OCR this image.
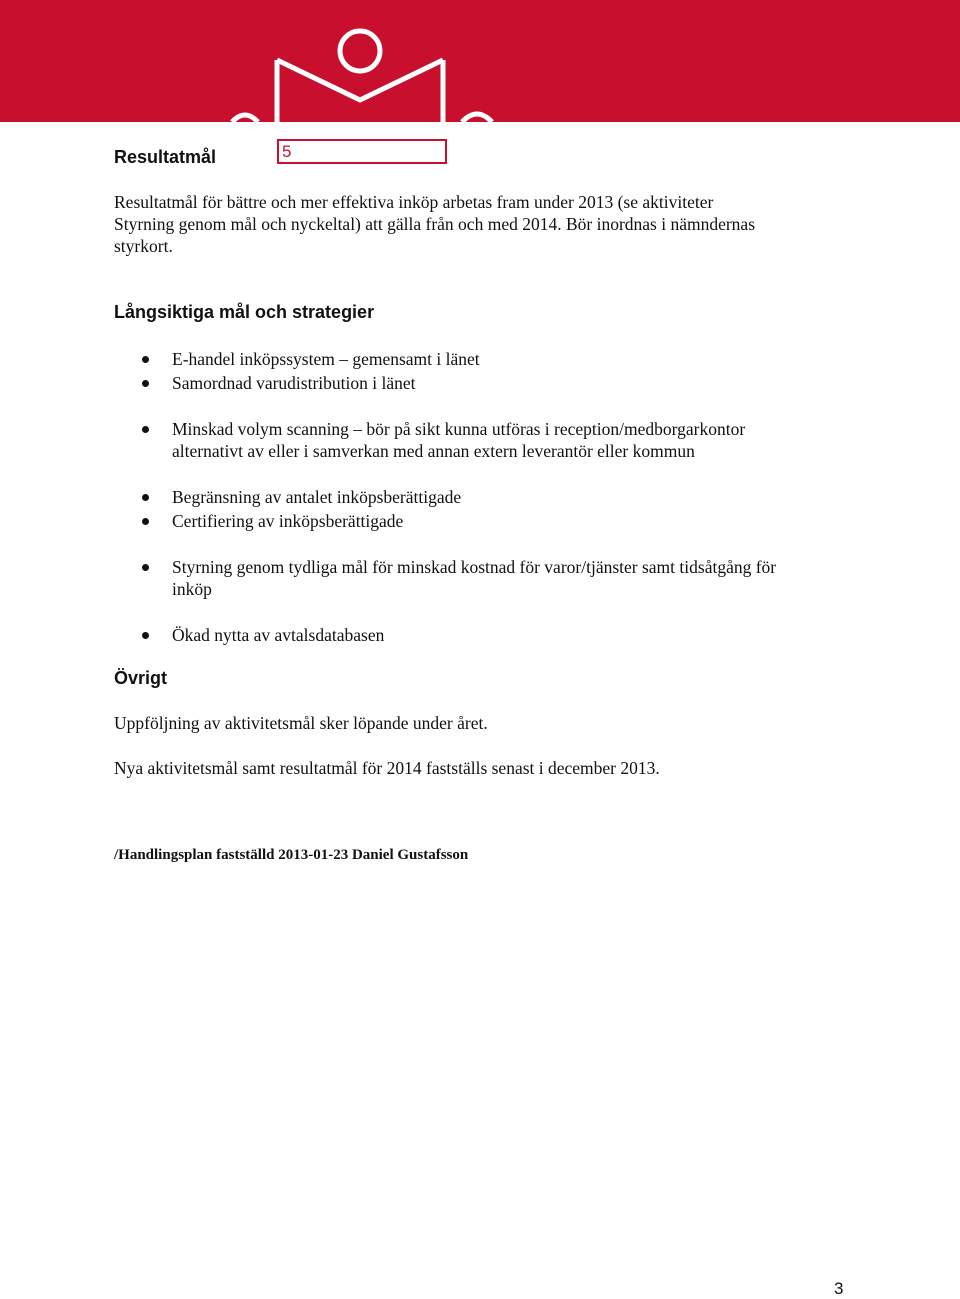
Resultatmål	5

Resultatmål för bättre och mer effektiva inköp arbetas fram under 2013 (se aktiviteter
Styrning genom mål och nyckeltal) att gälla från och med 2014. Bör inordnas i nämndernas
styrkort.

Långsiktiga mål och strategier
E-handel inköpssystem – gemensamt i länet
Samordnad varudistribution i länet
Minskad volym scanning – bör på sikt kunna utföras i reception/medborgarkontor
alternativt av eller i samverkan med annan extern leverantör eller kommun
Begränsning av antalet inköpsberättigade
Certifiering av inköpsberättigade
Styrning genom tydliga mål för minskad kostnad för varor/tjänster samt tidsåtgång för
inköp
Ökad nytta av avtalsdatabasen
Övrigt

Uppföljning av aktivitetsmål sker löpande under året.

Nya aktivitetsmål samt resultatmål för 2014 fastställs senast i december 2013.

/Handlingsplan fastställd 2013-01-23 Daniel Gustafsson
3
